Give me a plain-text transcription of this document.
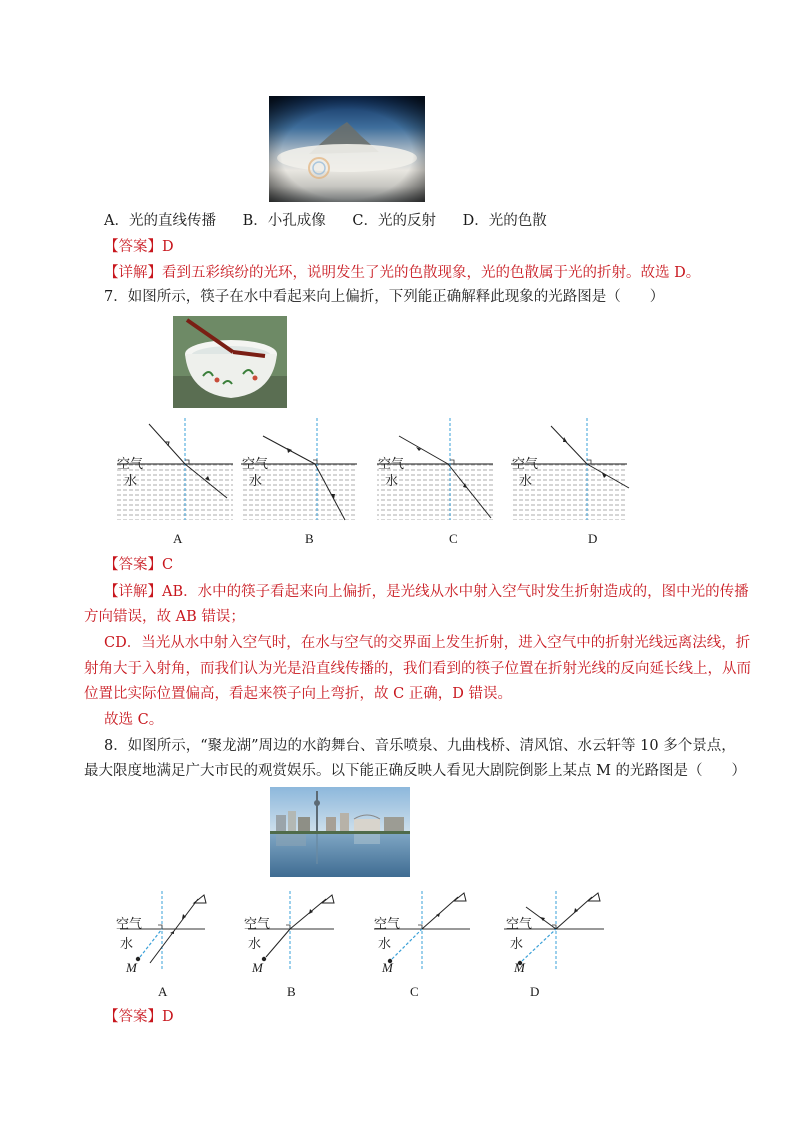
A．光的直线传播 B．小孔成像 C．光的反射 D．光的色散
【答案】D
【详解】看到五彩缤纷的光环，说明发生了光的色散现象，光的色散属于光的折射。故选 D。
7．如图所示，筷子在水中看起来向上偏折，下列能正确解释此现象的光路图是（　　）
空气
水
空气
水
空气
水
空气
水
A	B	C	D
【答案】C
【详解】AB．水中的筷子看起来向上偏折，是光线从水中射入空气时发生折射造成的，图中光的传播
方向错误，故 AB 错误；
CD．当光从水中射入空气时，在水与空气的交界面上发生折射，进入空气中的折射光线远离法线，折
射角大于入射角，而我们认为光是沿直线传播的，我们看到的筷子位置在折射光线的反向延长线上，从而
位置比实际位置偏高，看起来筷子向上弯折，故 C 正确，D 错误。
故选 C。
8．如图所示，“聚龙湖”周边的水韵舞台、音乐喷泉、九曲栈桥、清风馆、水云轩等 10 多个景点，
最大限度地满足广大市民的观赏娱乐。以下能正确反映人看见大剧院倒影上某点 M 的光路图是（　　）
空气
水
M
空气
水
M
空气
水
M
空气
水
M
A	B	C	D
【答案】D
